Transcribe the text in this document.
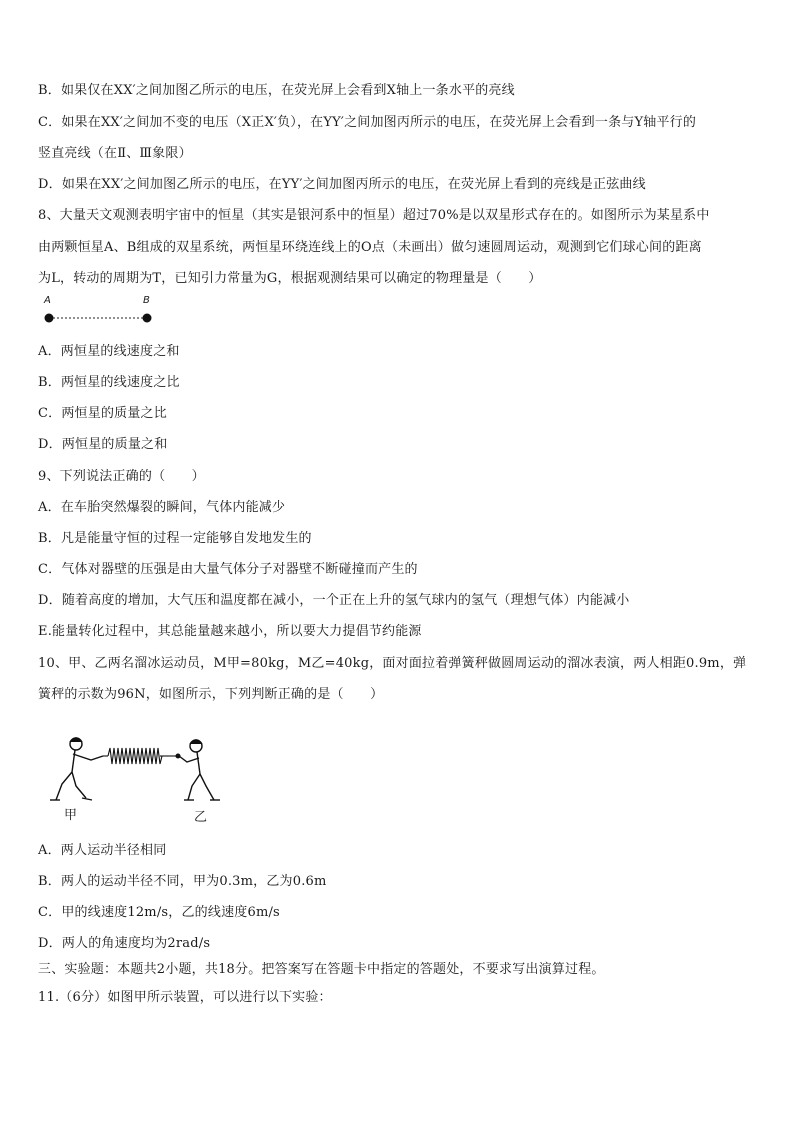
B．如果仅在XX′之间加图乙所示的电压，在荧光屏上会看到X轴上一条水平的亮线
C．如果在XX′之间加不变的电压（X正X′负），在YY′之间加图丙所示的电压，在荧光屏上会看到一条与Y轴平行的
竖直亮线（在Ⅱ、Ⅲ象限）
D．如果在XX′之间加图乙所示的电压，在YY′之间加图丙所示的电压，在荧光屏上看到的亮线是正弦曲线
8、大量天文观测表明宇宙中的恒星（其实是银河系中的恒星）超过70%是以双星形式存在的。如图所示为某星系中
由两颗恒星A、B组成的双星系统，两恒星环绕连线上的O点（未画出）做匀速圆周运动，观测到它们球心间的距离
为L，转动的周期为T，已知引力常量为G，根据观测结果可以确定的物理量是（　　）
A	B
A．两恒星的线速度之和
B．两恒星的线速度之比
C．两恒星的质量之比
D．两恒星的质量之和
9、下列说法正确的（　　）
A．在车胎突然爆裂的瞬间，气体内能减少
B．凡是能量守恒的过程一定能够自发地发生的
C．气体对器壁的压强是由大量气体分子对器壁不断碰撞而产生的
D．随着高度的增加，大气压和温度都在减小，一个正在上升的氢气球内的氢气（理想气体）内能减小
E.能量转化过程中，其总能量越来越小，所以要大力提倡节约能源
10、甲、乙两名溜冰运动员，M甲=80kg，M乙=40kg，面对面拉着弹簧秤做圆周运动的溜冰表演，两人相距0.9m，弹
簧秤的示数为96N，如图所示，下列判断正确的是（　　）
甲	乙
A．两人运动半径相同
B．两人的运动半径不同，甲为0.3m，乙为0.6m
C．甲的线速度12m/s，乙的线速度6m/s
D．两人的角速度均为2rad/s
三、实验题：本题共2小题，共18分。把答案写在答题卡中指定的答题处，不要求写出演算过程。
11.（6分）如图甲所示装置，可以进行以下实验：
